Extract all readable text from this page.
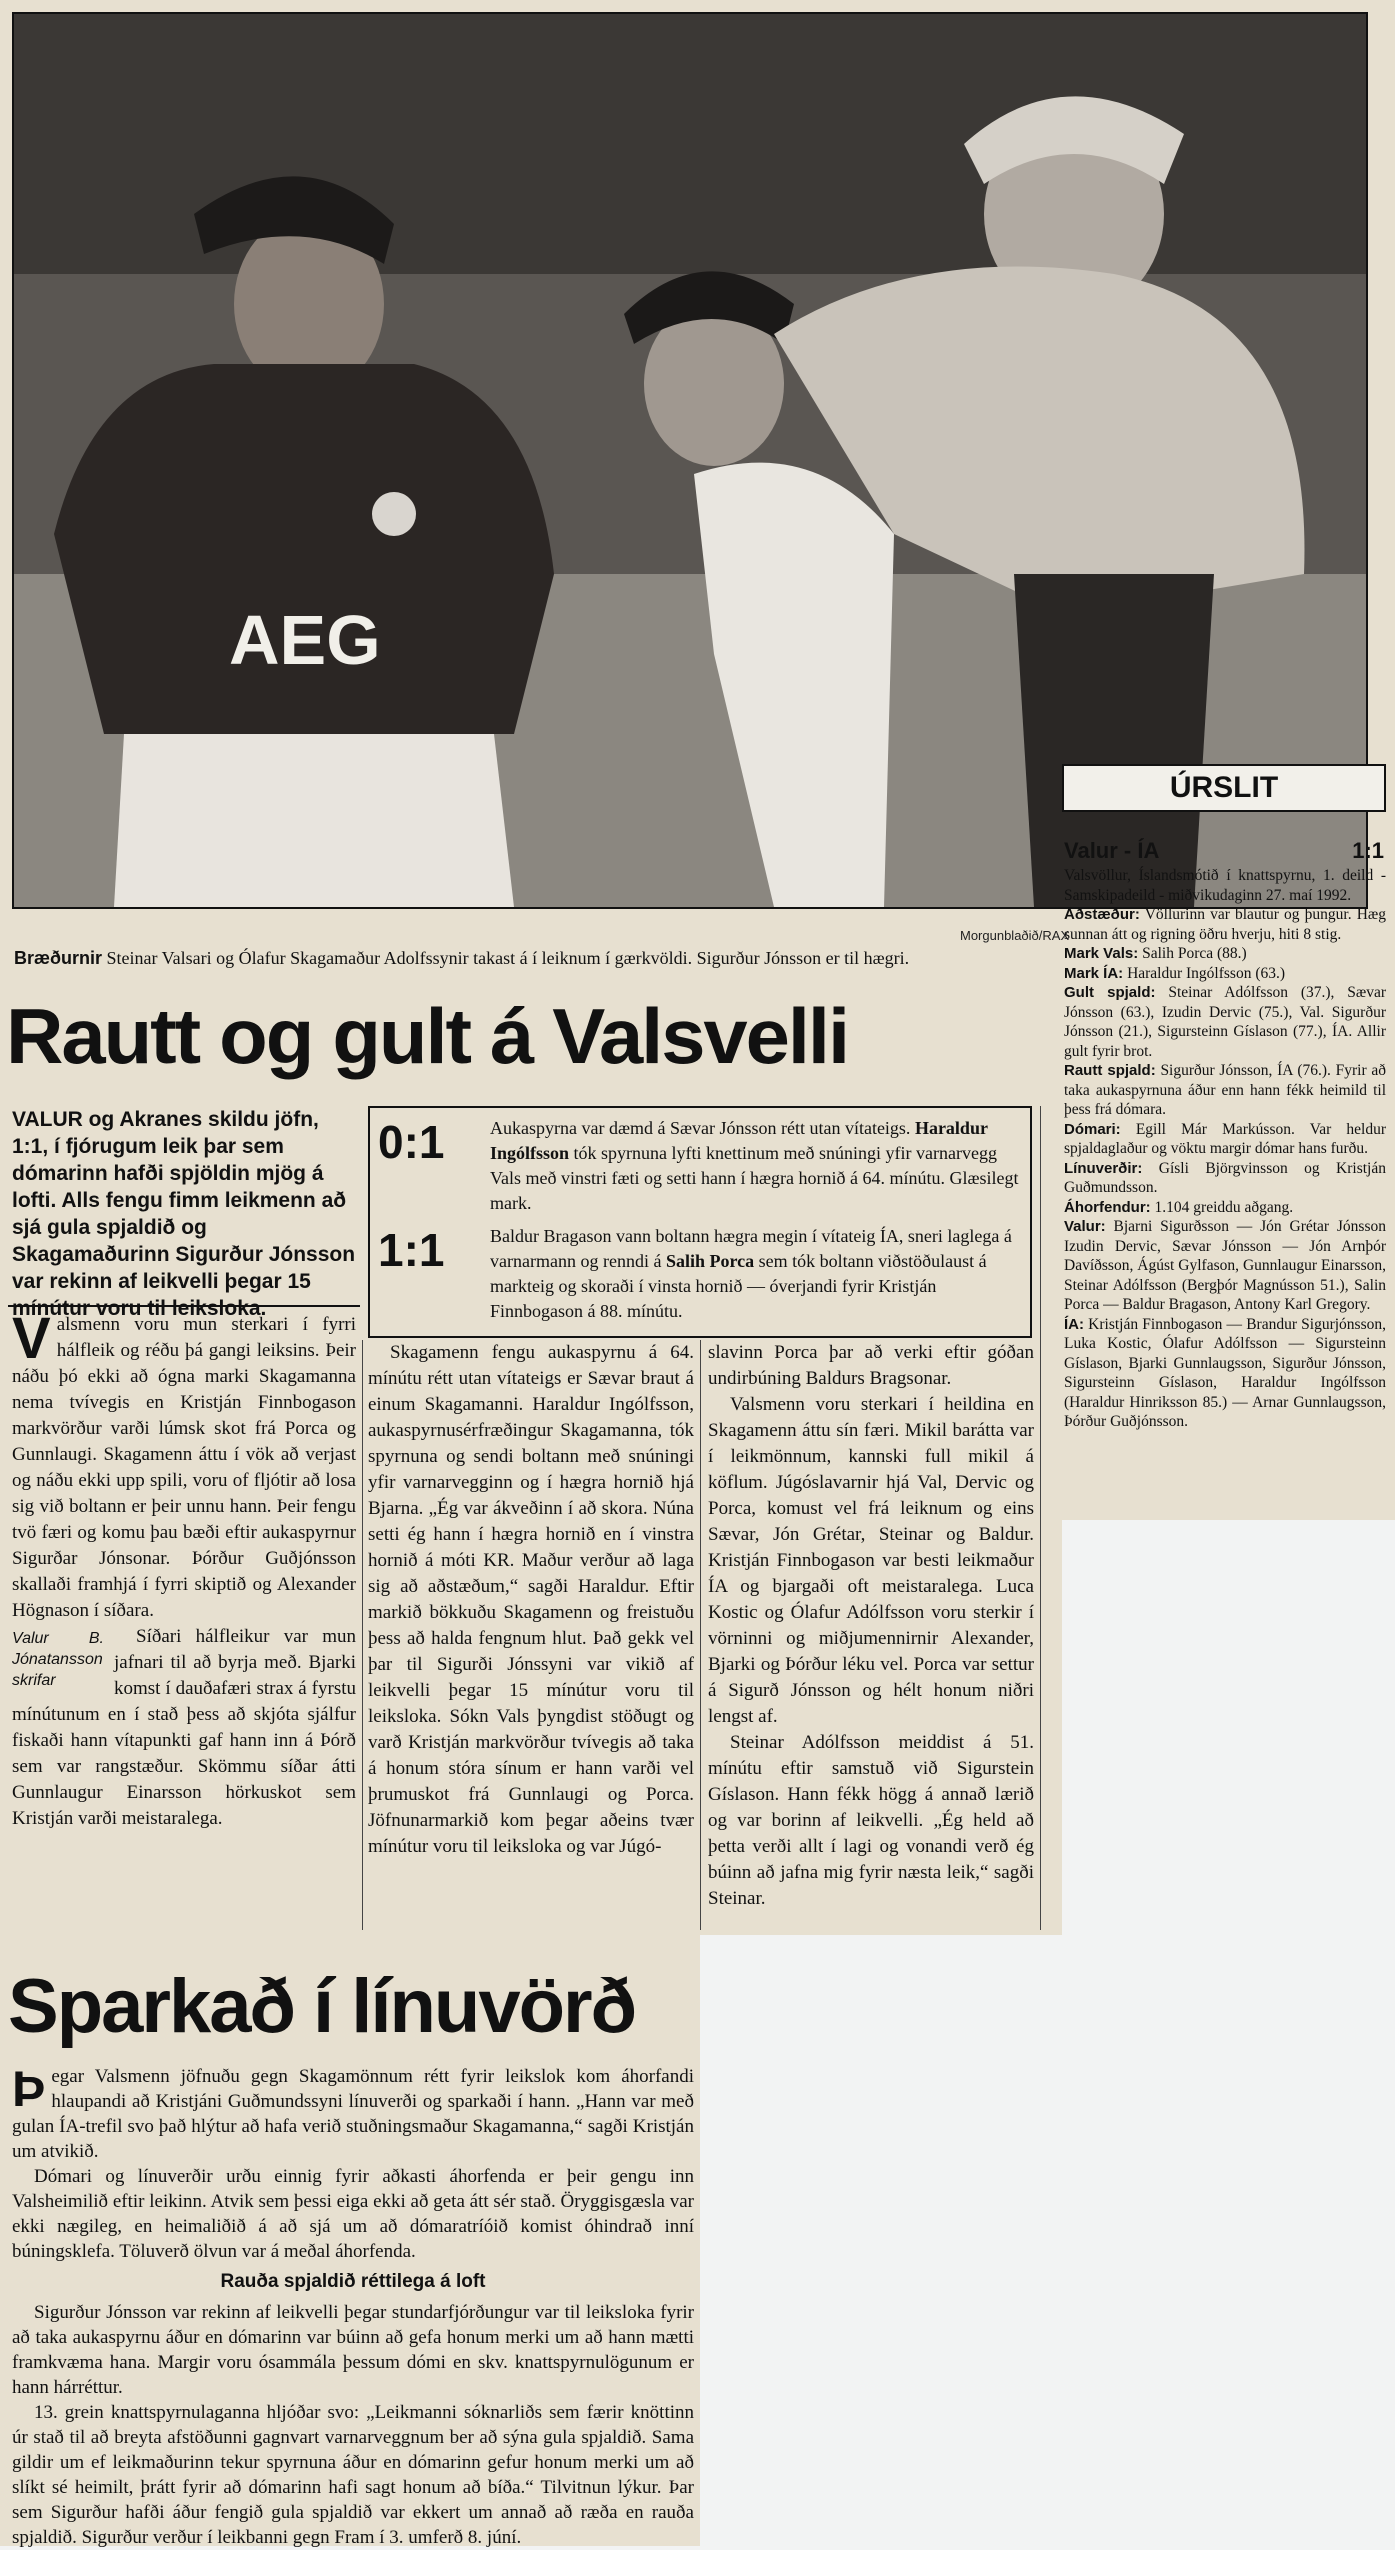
AEG
Morgunblaðið/RAX
Bræðurnir Steinar Valsari og Ólafur Skagamaður Adolfssynir takast á í leiknum í gærkvöldi. Sigurður Jónsson er til hægri.
Rautt og gult á Valsvelli
VALUR og Akranes skildu jöfn, 1:1, í fjórugum leik þar sem dómarinn hafði spjöldin mjög á lofti. Alls fengu fimm leikmenn að sjá gula spjaldið og Skagamaðurinn Sigurður Jónsson var rekinn af leikvelli þegar 15 mínútur voru til leiksloka.
0:1	Aukaspyrna var dæmd á Sævar Jónsson rétt utan vítateigs. Haraldur Ingólfsson tók spyrnuna lyfti knettinum með snúningi yfir varnarvegg Vals með vinstri fæti og setti hann í hægra hornið á 64. mínútu. Glæsilegt mark.
1:1	Baldur Bragason vann boltann hægra megin í vítateig ÍA, sneri laglega á varnarmann og renndi á Salih Porca sem tók boltann viðstöðulaust á markteig og skoraði í vinsta hornið — óverjandi fyrir Kristján Finnbogason á 88. mínútu.

Valsmenn voru mun sterkari í fyrri hálfleik og réðu þá gangi leiksins. Þeir náðu þó ekki að ógna marki Skagamanna nema tvívegis en Kristján Finnbogason markvörður varði lúmsk skot frá Porca og Gunnlaugi. Skagamenn áttu í vök að verjast og náðu ekki upp spili, voru of fljótir að losa sig við boltann er þeir unnu hann. Þeir fengu tvö færi og komu þau bæði eftir aukaspyrnur Sigurðar Jónsonar. Þórður Guðjónsson skallaði framhjá í fyrri skiptið og Alexander Högnason í síðara.

Valur B. Jónatansson
skrifar

Síðari hálfleikur var mun jafnari til að byrja með. Bjarki komst í dauðafæri strax á fyrstu mínútunum en í stað þess að skjóta sjálfur fiskaði hann vítapunkti gaf hann inn á Þórð sem var rangstæður. Skömmu síðar átti Gunnlaugur Einarsson hörkuskot sem Kristján varði meistaralega.

Skagamenn fengu aukaspyrnu á 64. mínútu rétt utan vítateigs er Sævar braut á einum Skagamanni. Haraldur Ingólfsson, aukaspyrnusérfræðingur Skagamanna, tók spyrnuna og sendi boltann með snúningi yfir varnarvegginn og í hægra hornið hjá Bjarna. „Ég var ákveðinn í að skora. Núna setti ég hann í hægra hornið en í vinstra hornið á móti KR. Maður verður að laga sig að aðstæðum,“ sagði Haraldur. Eftir markið bökkuðu Skagamenn og freistuðu þess að halda fengnum hlut. Það gekk vel þar til Sigurði Jónssyni var vikið af leikvelli þegar 15 mínútur voru til leiksloka. Sókn Vals þyngdist stöðugt og varð Kristján markvörður tvívegis að taka á honum stóra sínum er hann varði vel þrumuskot frá Gunnlaugi og Porca. Jöfnunarmarkið kom þegar aðeins tvær mínútur voru til leiksloka og var Júgó-

slavinn Porca þar að verki eftir góðan undirbúning Baldurs Bragsonar.

Valsmenn voru sterkari í heildina en Skagamenn áttu sín færi. Mikil barátta var í leikmönnum, kannski full mikil á köflum. Júgóslavarnir hjá Val, Dervic og Porca, komust vel frá leiknum og eins Sævar, Jón Grétar, Steinar og Baldur. Kristján Finnbogason var besti leikmaður ÍA og bjargaði oft meistaralega. Luca Kostic og Ólafur Adólfsson voru sterkir í vörninni og miðjumennirnir Alexander, Bjarki og Þórður léku vel. Porca var settur á Sigurð Jónsson og hélt honum niðri lengst af.

Steinar Adólfsson meiddist á 51. mínútu eftir samstuð við Sigurstein Gíslason. Hann fékk högg á annað lærið og var borinn af leikvelli. „Ég held að þetta verði allt í lagi og vonandi verð ég búinn að jafna mig fyrir næsta leik,“ sagði Steinar.

ÚRSLIT
Valur - ÍA	1:1
Valsvöllur, Íslandsmótið í knattspyrnu, 1. deild - Samskipadeild - miðvikudaginn 27. maí 1992.
Aðstæður: Völlurinn var blautur og þungur. Hæg sunnan átt og rigning öðru hverju, hiti 8 stig.
Mark Vals: Salih Porca (88.)
Mark ÍA: Haraldur Ingólfsson (63.)
Gult spjald: Steinar Adólfsson (37.), Sævar Jónsson (63.), Izudin Dervic (75.), Val. Sigurður Jónsson (21.), Sigursteinn Gíslason (77.), ÍA. Allir gult fyrir brot.
Rautt spjald: Sigurður Jónsson, ÍA (76.). Fyrir að taka aukaspyrnuna áður enn hann fékk heimild til þess frá dómara.
Dómari: Egill Már Markússon. Var heldur spjaldaglaður og vöktu margir dómar hans furðu.
Línuverðir: Gísli Björgvinsson og Kristján Guðmundsson.
Áhorfendur: 1.104 greiddu aðgang.
Valur: Bjarni Sigurðsson — Jón Grétar Jónsson Izudin Dervic, Sævar Jónsson — Jón Arnþór Davíðsson, Ágúst Gylfason, Gunnlaugur Einarsson, Steinar Adólfsson (Bergþór Magnússon 51.), Salin Porca — Baldur Bragason, Antony Karl Gregory.
ÍA: Kristján Finnbogason — Brandur Sigurjónsson, Luka Kostic, Ólafur Adólfsson — Sigursteinn Gíslason, Bjarki Gunnlaugsson, Sigurður Jónsson, Sigursteinn Gíslason, Haraldur Ingólfsson (Haraldur Hinriksson 85.) — Arnar Gunnlaugsson, Þórður Guðjónsson.
Sparkað í línuvörð

Þegar Valsmenn jöfnuðu gegn Skagamönnum rétt fyrir leikslok kom áhorfandi hlaupandi að Kristjáni Guðmundssyni línuverði og sparkaði í hann. „Hann var með gulan ÍA-trefil svo það hlýtur að hafa verið stuðningsmaður Skagamanna,“ sagði Kristján um atvikið.

Dómari og línuverðir urðu einnig fyrir aðkasti áhorfenda er þeir gengu inn Valsheimilið eftir leikinn. Atvik sem þessi eiga ekki að geta átt sér stað. Öryggisgæsla var ekki nægileg, en heimaliðið á að sjá um að dómaratríóið komist óhindrað inní búningsklefa. Töluverð ölvun var á meðal áhorfenda.

Rauða spjaldið réttilega á loft

Sigurður Jónsson var rekinn af leikvelli þegar stundarfjórðungur var til leiksloka fyrir að taka aukaspyrnu áður en dómarinn var búinn að gefa honum merki um að hann mætti framkvæma hana. Margir voru ósammála þessum dómi en skv. knattspyrnulögunum er hann hárréttur.

13. grein knattspyrnulaganna hljóðar svo: „Leikmanni sóknarliðs sem færir knöttinn úr stað til að breyta afstöðunni gagnvart varnarveggnum ber að sýna gula spjaldið. Sama gildir um ef leikmaðurinn tekur spyrnuna áður en dómarinn gefur honum merki um að slíkt sé heimilt, þrátt fyrir að dómarinn hafi sagt honum að bíða.“ Tilvitnun lýkur. Þar sem Sigurður hafði áður fengið gula spjaldið var ekkert um annað að ræða en rauða spjaldið. Sigurður verður í leikbanni gegn Fram í 3. umferð 8. júní.
